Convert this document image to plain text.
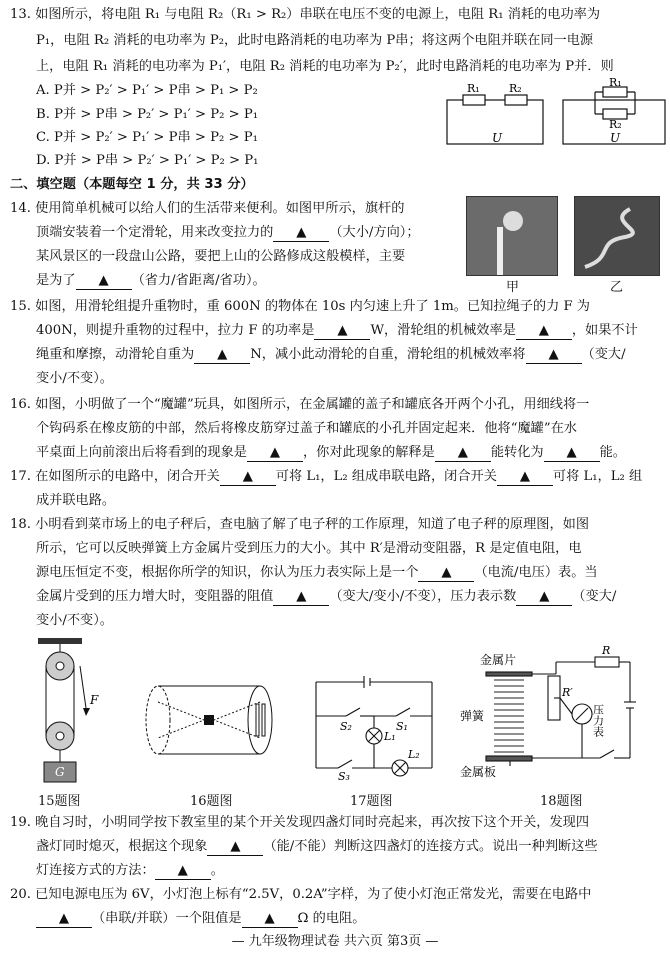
13. 如图所示，将电阻 R₁ 与电阻 R₂（R₁ > R₂）串联在电压不变的电源上，电阻 R₁ 消耗的电功率为
P₁，电阻 R₂ 消耗的电功率为 P₂，此时电路消耗的电功率为 P串；将这两个电阻并联在同一电源
上，电阻 R₁ 消耗的电功率为 P₁′，电阻 R₂ 消耗的电功率为 P₂′，此时电路消耗的电功率为 P并．则
A. P并 > P₂′ > P₁′ > P串 > P₁ > P₂
B. P并 > P串 > P₂′ > P₁′ > P₂ > P₁
C. P并 > P₂′ > P₁′ > P串 > P₂ > P₁
D. P并 > P串 > P₂′ > P₁′ > P₂ > P₁
R₁	R₂
U
R₁
R₂
U
二、填空题（本题每空 1 分，共 33 分）
14. 使用简单机械可以给人们的生活带来便利。如图甲所示，旗杆的
顶端安装着一个定滑轮，用来改变拉力的 ▲ （大小/方向）；
某风景区的一段盘山公路，要把上山的公路修成这般模样，主要
是为了 ▲ （省力/省距离/省功）。	甲	乙
15. 如图，用滑轮组提升重物时，重 600N 的物体在 10s 内匀速上升了 1m。已知拉绳子的力 F 为
400N，则提升重物的过程中，拉力 F 的功率是 ▲ W，滑轮组的机械效率是 ▲ ，如果不计
绳重和摩擦，动滑轮自重为 ▲ N，减小此动滑轮的自重，滑轮组的机械效率将 ▲ （变大/
变小/不变）。
16. 如图，小明做了一个“魔罐”玩具，如图所示，在金属罐的盖子和罐底各开两个小孔，用细线将一
个钩码系在橡皮筋的中部，然后将橡皮筋穿过盖子和罐底的小孔并固定起来．他将“魔罐”在水
平桌面上向前滚出后将看到的现象是 ▲ ，你对此现象的解释是 ▲ 能转化为 ▲ 能。
17. 在如图所示的电路中，闭合开关 ▲ 可将 L₁，L₂ 组成串联电路，闭合开关 ▲ 可将 L₁，L₂ 组
成并联电路。
18. 小明看到菜市场上的电子秤后，查电脑了解了电子秤的工作原理，知道了电子秤的原理图，如图
所示，它可以反映弹簧上方金属片受到压力的大小。其中 R′是滑动变阻器，R 是定值电阻，电
源电压恒定不变，根据你所学的知识，你认为压力表实际上是一个 ▲ （电流/电压）表。当
金属片受到的压力增大时，变阻器的阻值 ▲ （变大/变小/不变），压力表示数 ▲ （变大/
变小/不变）。
F
G
15题图	16题图
S₂	S₁
L₁
L₂
S₃
17题图
金属片
弹簧
金属板
R
R′
压力表
18题图
19. 晚自习时，小明同学按下教室里的某个开关发现四盏灯同时亮起来，再次按下这个开关，发现四
盏灯同时熄灭，根据这个现象 ▲ （能/不能）判断这四盏灯的连接方式。说出一种判断这些
灯连接方式的方法： ▲ 。
20. 已知电源电压为 6V，小灯泡上标有“2.5V，0.2A”字样，为了使小灯泡正常发光，需要在电路中
▲ （串联/并联）一个阻值是 ▲ Ω 的电阻。
— 九年级物理试卷 共六页 第3页 —
